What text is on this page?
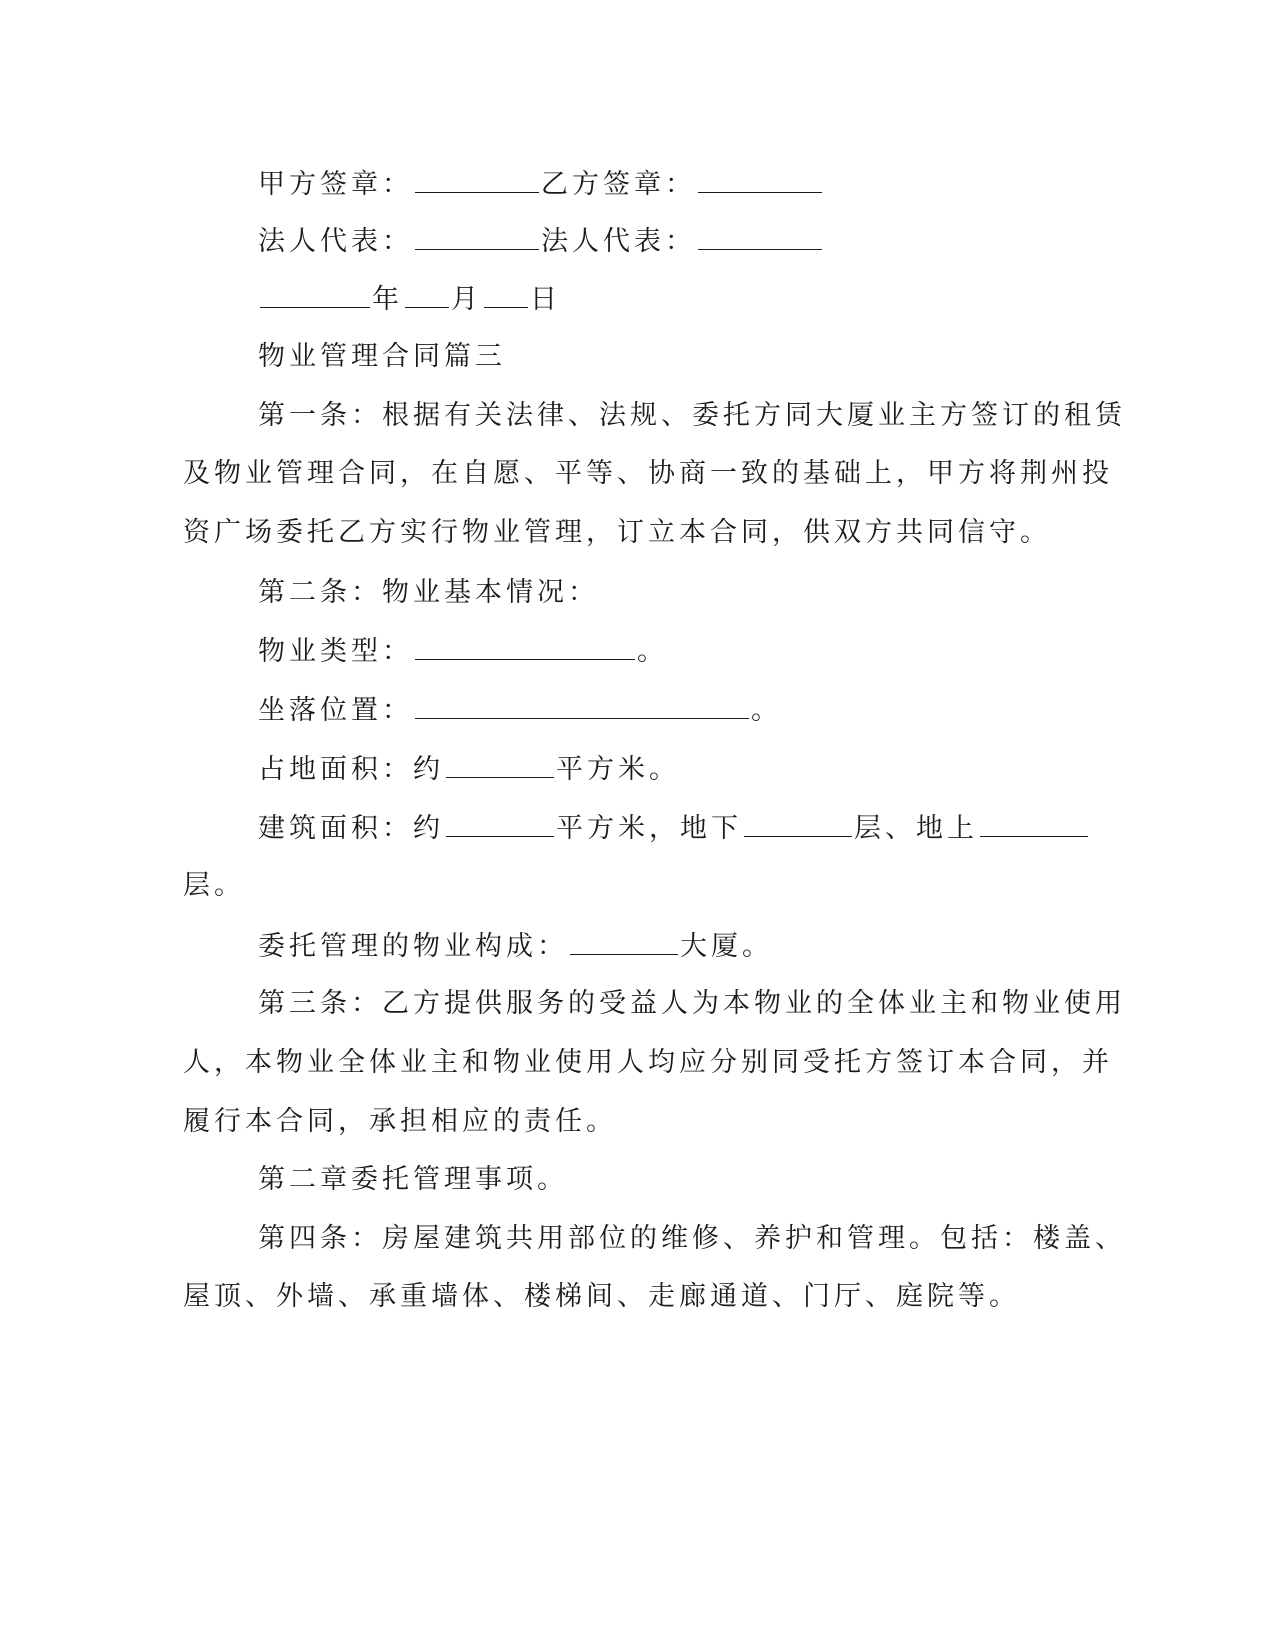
甲方签章：	乙方签章：
法人代表：	法人代表：
年 月 日
物业管理合同篇三
第一条：根据有关法律、法规、委托方同大厦业主方签订的租赁
及物业管理合同，在自愿、平等、协商一致的基础上，甲方将荆州投
资广场委托乙方实行物业管理，订立本合同，供双方共同信守。
第二条：物业基本情况：
物业类型：	。
坐落位置：	。
占地面积：约	平方米。
建筑面积：约	平方米，地下	层、地上
层。
委托管理的物业构成：	大厦。
第三条：乙方提供服务的受益人为本物业的全体业主和物业使用
人，本物业全体业主和物业使用人均应分别同受托方签订本合同，并
履行本合同，承担相应的责任。
第二章委托管理事项。
第四条：房屋建筑共用部位的维修、养护和管理。包括：楼盖、
屋顶、外墙、承重墙体、楼梯间、走廊通道、门厅、庭院等。
